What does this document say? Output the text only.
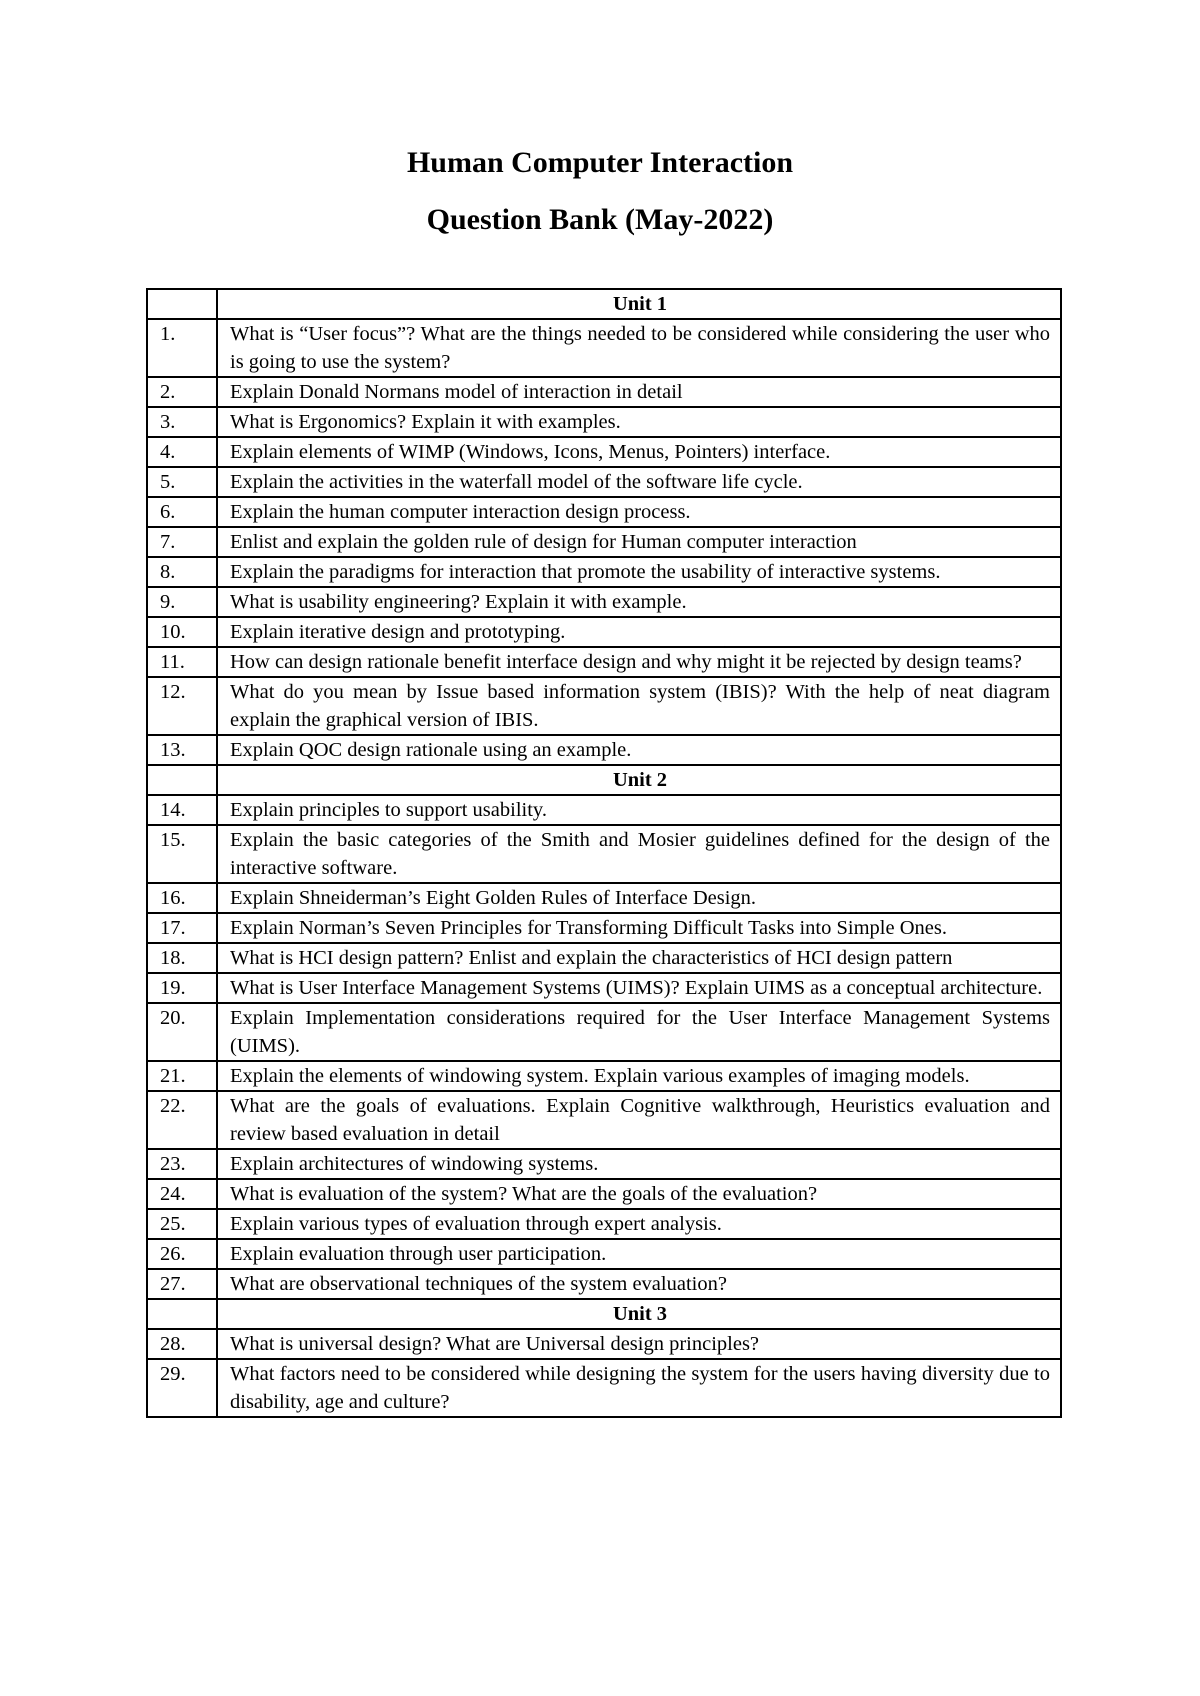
Human Computer Interaction
Question Bank (May-2022)
	Unit 1
1.	What is “User focus”? What are the things needed to be considered while considering the user who is going to use the system?
2.	Explain Donald Normans model of interaction in detail
3.	What is Ergonomics? Explain it with examples.
4.	Explain elements of WIMP (Windows, Icons, Menus, Pointers) interface.
5.	Explain the activities in the waterfall model of the software life cycle.
6.	Explain the human computer interaction design process.
7.	Enlist and explain the golden rule of design for Human computer interaction
8.	Explain the paradigms for interaction that promote the usability of interactive systems.
9.	What is usability engineering? Explain it with example.
10.	Explain iterative design and prototyping.
11.	How can design rationale benefit interface design and why might it be rejected by design teams?
12.	What do you mean by Issue based information system (IBIS)? With the help of neat diagram explain the graphical version of IBIS.
13.	Explain QOC design rationale using an example.
	Unit 2
14.	Explain principles to support usability.
15.	Explain the basic categories of the Smith and Mosier guidelines defined for the design of the interactive software.
16.	Explain Shneiderman’s Eight Golden Rules of Interface Design.
17.	Explain Norman’s Seven Principles for Transforming Difficult Tasks into Simple Ones.
18.	What is HCI design pattern? Enlist and explain the characteristics of HCI design pattern
19.	What is User Interface Management Systems (UIMS)? Explain UIMS as a conceptual architecture.
20.	Explain Implementation considerations required for the User Interface Management Systems (UIMS).
21.	Explain the elements of windowing system. Explain various examples of imaging models.
22.	What are the goals of evaluations. Explain Cognitive walkthrough, Heuristics evaluation and review based evaluation in detail
23.	Explain architectures of windowing systems.
24.	What is evaluation of the system? What are the goals of the evaluation?
25.	Explain various types of evaluation through expert analysis.
26.	Explain evaluation through user participation.
27.	What are observational techniques of the system evaluation?
	Unit 3
28.	What is universal design? What are Universal design principles?
29.	What factors need to be considered while designing the system for the users having diversity due to disability, age and culture?
